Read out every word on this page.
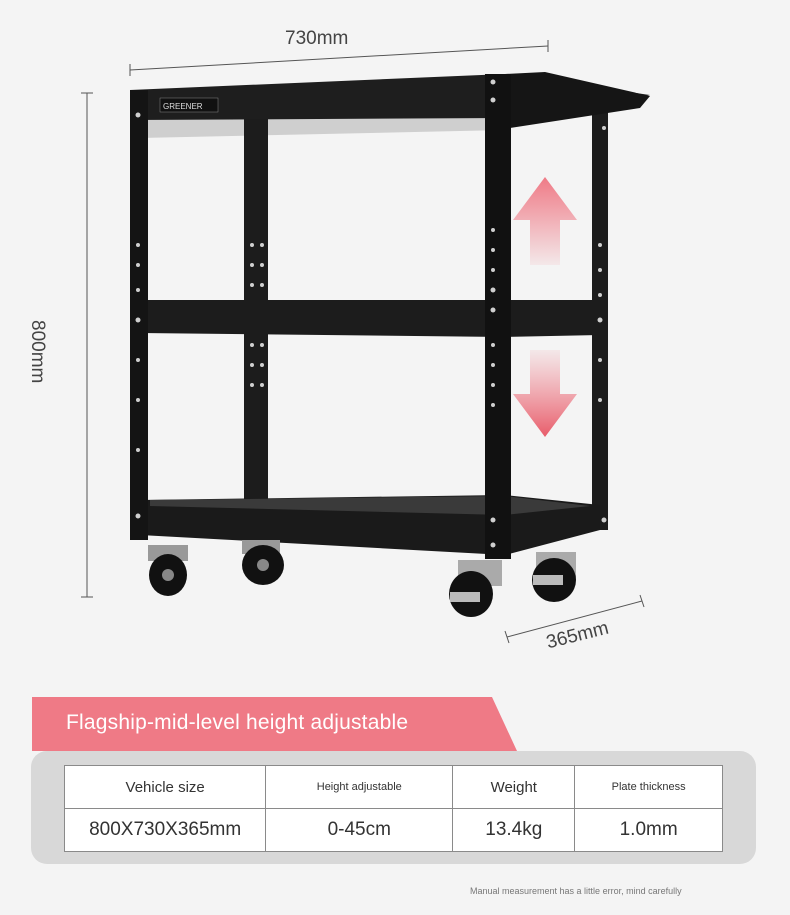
730mm
800mm
365mm
GREENER
Flagship-mid-level height adjustable
Vehicle size	Height adjustable	Weight	Plate thickness
800X730X365mm	0-45cm	13.4kg	1.0mm
Manual measurement has a little error, mind carefully
